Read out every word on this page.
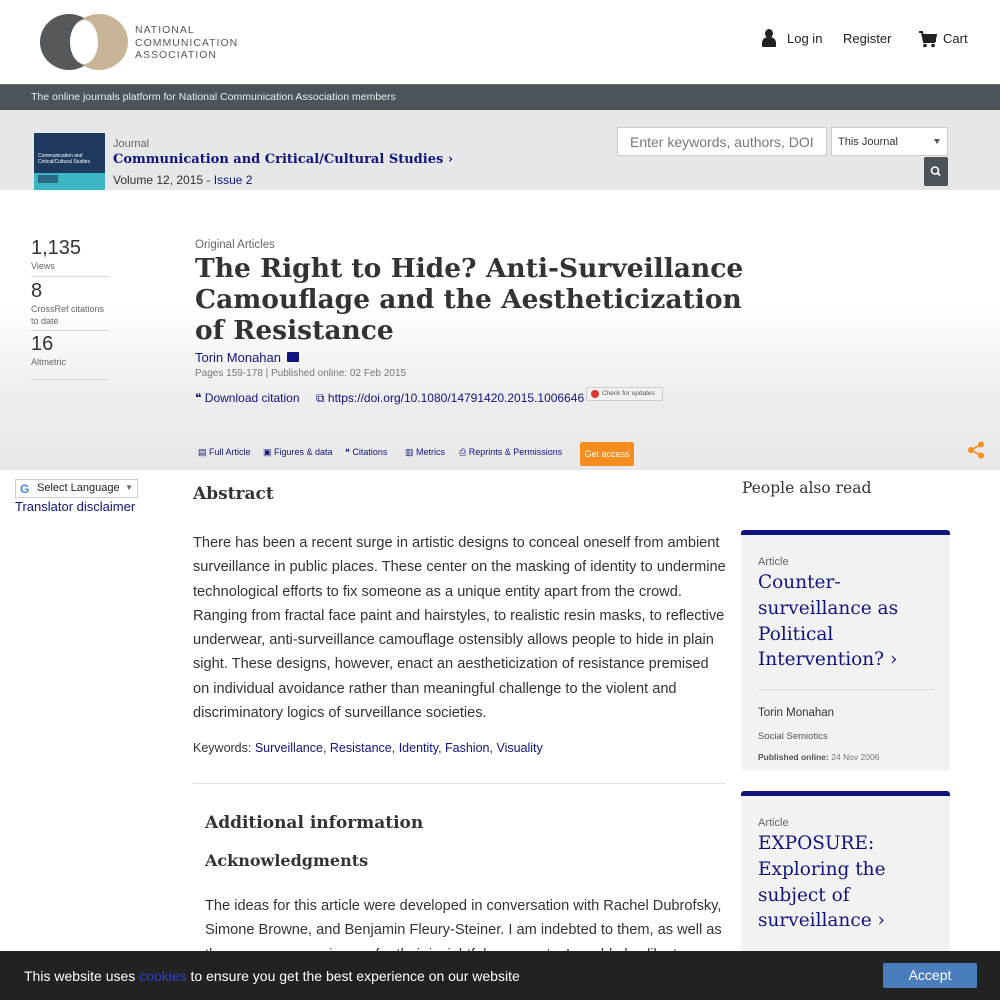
NATIONAL
COMMUNICATION
ASSOCIATION
Log in Register	Cart
The online journals platform for National Communication Association members
Communication and Critical/Cultural Studies
Journal
Communication and Critical/Cultural Studies ›
Volume 12, 2015 - Issue 2
Enter keywords, authors, DOI etc
This Journal
1,135
Views
8
CrossRef citations to date
16
Altmetric
Original Articles
The Right to Hide? Anti-Surveillance Camouflage and the Aestheticization of Resistance
Torin Monahan
Pages 159-178 | Published online: 02 Feb 2015
❝ Download citation ⧉ https://doi.org/10.1080/14791420.2015.1006646	Check for updates
▤ Full Article ▣ Figures & data ❝ Citations ▥ Metrics ⎙ Reprints & Permissions	Get access
G Select Language ▼
Translator disclaimer
Abstract
There has been a recent surge in artistic designs to conceal oneself from ambient surveillance in public places. These center on the masking of identity to undermine technological efforts to fix someone as a unique entity apart from the crowd. Ranging from fractal face paint and hairstyles, to realistic resin masks, to reflective underwear, anti-surveillance camouflage ostensibly allows people to hide in plain sight. These designs, however, enact an aestheticization of resistance premised on individual avoidance rather than meaningful challenge to the violent and discriminatory logics of surveillance societies.
Keywords: Surveillance, Resistance, Identity, Fashion, Visuality
Additional information
Acknowledgments
The ideas for this article were developed in conversation with Rachel Dubrofsky, Simone Browne, and Benjamin Fleury-Steiner. I am indebted to them, as well as
People also read
Article
Counter-surveillance as Political Intervention? ›
Torin Monahan
Social Semiotics
Published online: 24 Nov 2006
Article
EXPOSURE: Exploring the subject of surveillance ›
This website uses cookies to ensure you get the best experience on our website	Accept
